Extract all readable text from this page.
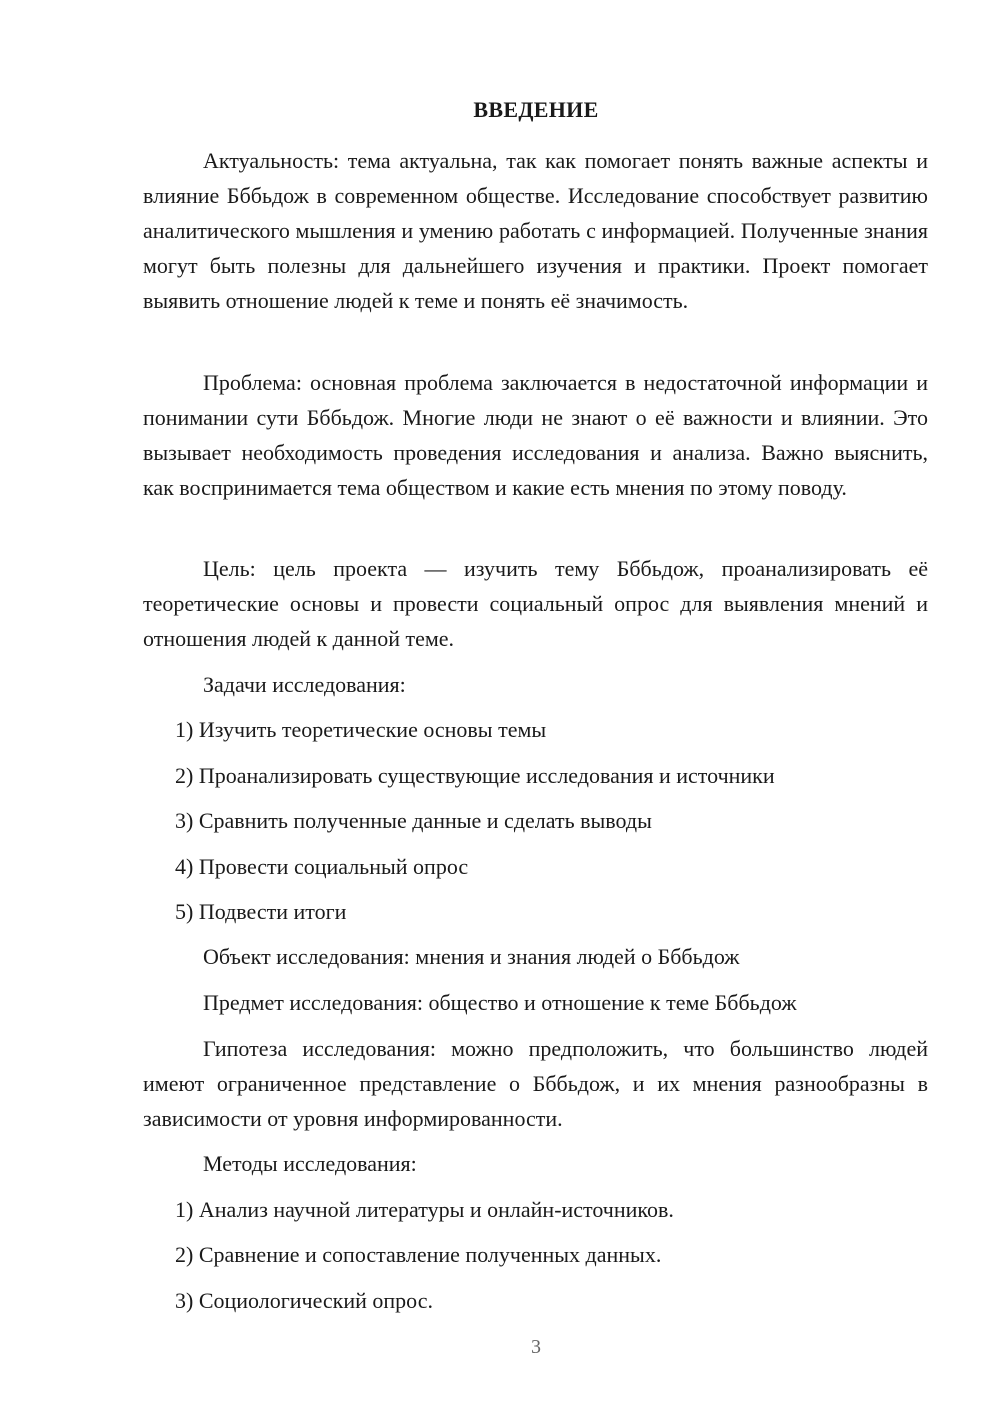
ВВЕДЕНИЕ

Актуальность: тема актуальна, так как помогает понять важные аспекты и влияние Бббьдож в современном обществе. Исследование способствует развитию аналитического мышления и умению работать с информацией. Полученные знания могут быть полезны для дальнейшего изучения и практики. Проект помогает выявить отношение людей к теме и понять её значимость.

Проблема: основная проблема заключается в недостаточной информации и понимании сути Бббьдож. Многие люди не знают о её важности и влиянии. Это вызывает необходимость проведения исследования и анализа. Важно выяснить, как воспринимается тема обществом и какие есть мнения по этому поводу.

Цель: цель проекта — изучить тему Бббьдож, проанализировать её теоретические основы и провести социальный опрос для выявления мнений и отношения людей к данной теме.

Задачи исследования:

1) Изучить теоретические основы темы

2) Проанализировать существующие исследования и источники

3) Сравнить полученные данные и сделать выводы

4) Провести социальный опрос

5) Подвести итоги

Объект исследования: мнения и знания людей о Бббьдож

Предмет исследования: общество и отношение к теме Бббьдож

Гипотеза исследования: можно предположить, что большинство людей имеют ограниченное представление о Бббьдож, и их мнения разнообразны в зависимости от уровня информированности.

Методы исследования:

1) Анализ научной литературы и онлайн-источников.

2) Сравнение и сопоставление полученных данных.

3) Социологический опрос.

3
